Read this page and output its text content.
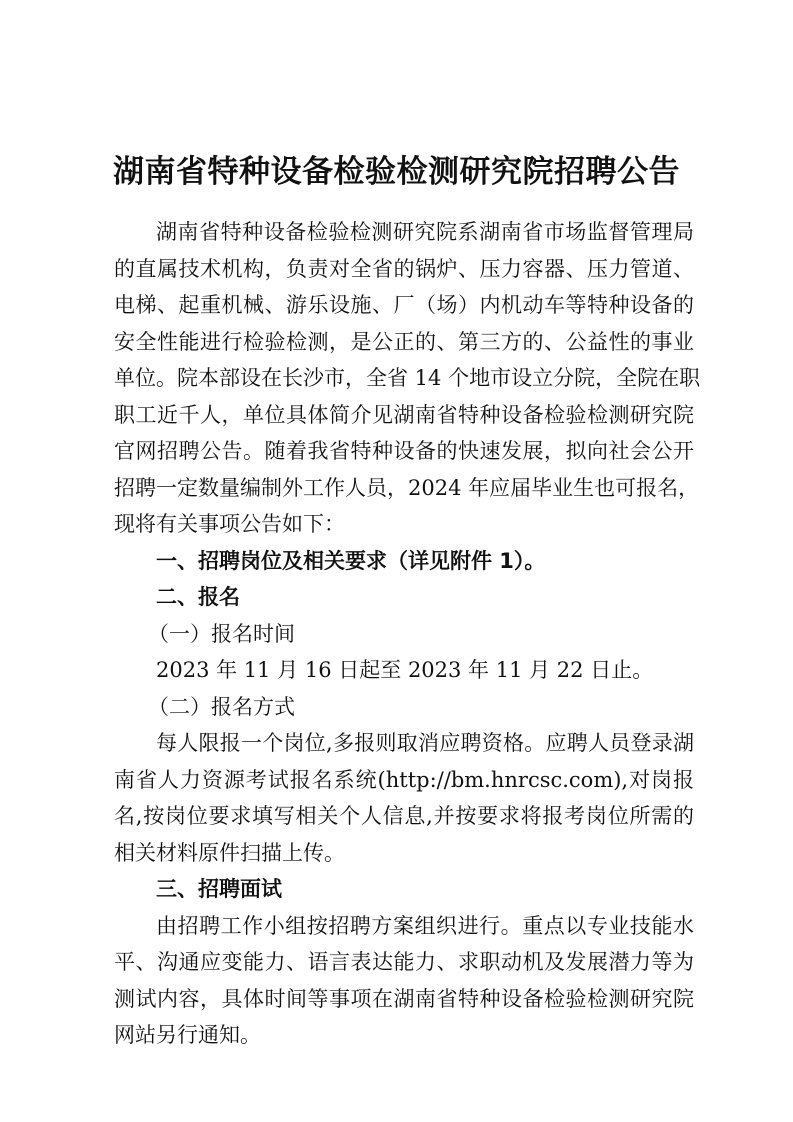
湖南省特种设备检验检测研究院招聘公告
湖南省特种设备检验检测研究院系湖南省市场监督管理局
的直属技术机构，负责对全省的锅炉、压力容器、压力管道、
电梯、起重机械、游乐设施、厂（场）内机动车等特种设备的
安全性能进行检验检测，是公正的、第三方的、公益性的事业
单位。院本部设在长沙市，全省 14 个地市设立分院，全院在职
职工近千人，单位具体简介见湖南省特种设备检验检测研究院
官网招聘公告。随着我省特种设备的快速发展，拟向社会公开
招聘一定数量编制外工作人员，2024 年应届毕业生也可报名，
现将有关事项公告如下：
一、招聘岗位及相关要求（详见附件 1）。
二、报名
（一）报名时间
2023 年 11 月 16 日起至 2023 年 11 月 22 日止。
（二）报名方式
每人限报一个岗位,多报则取消应聘资格。应聘人员登录湖
南省人力资源考试报名系统(http://bm.hnrcsc.com),对岗报
名,按岗位要求填写相关个人信息,并按要求将报考岗位所需的
相关材料原件扫描上传。
三、招聘面试
由招聘工作小组按招聘方案组织进行。重点以专业技能水
平、沟通应变能力、语言表达能力、求职动机及发展潜力等为
测试内容，具体时间等事项在湖南省特种设备检验检测研究院
网站另行通知。
